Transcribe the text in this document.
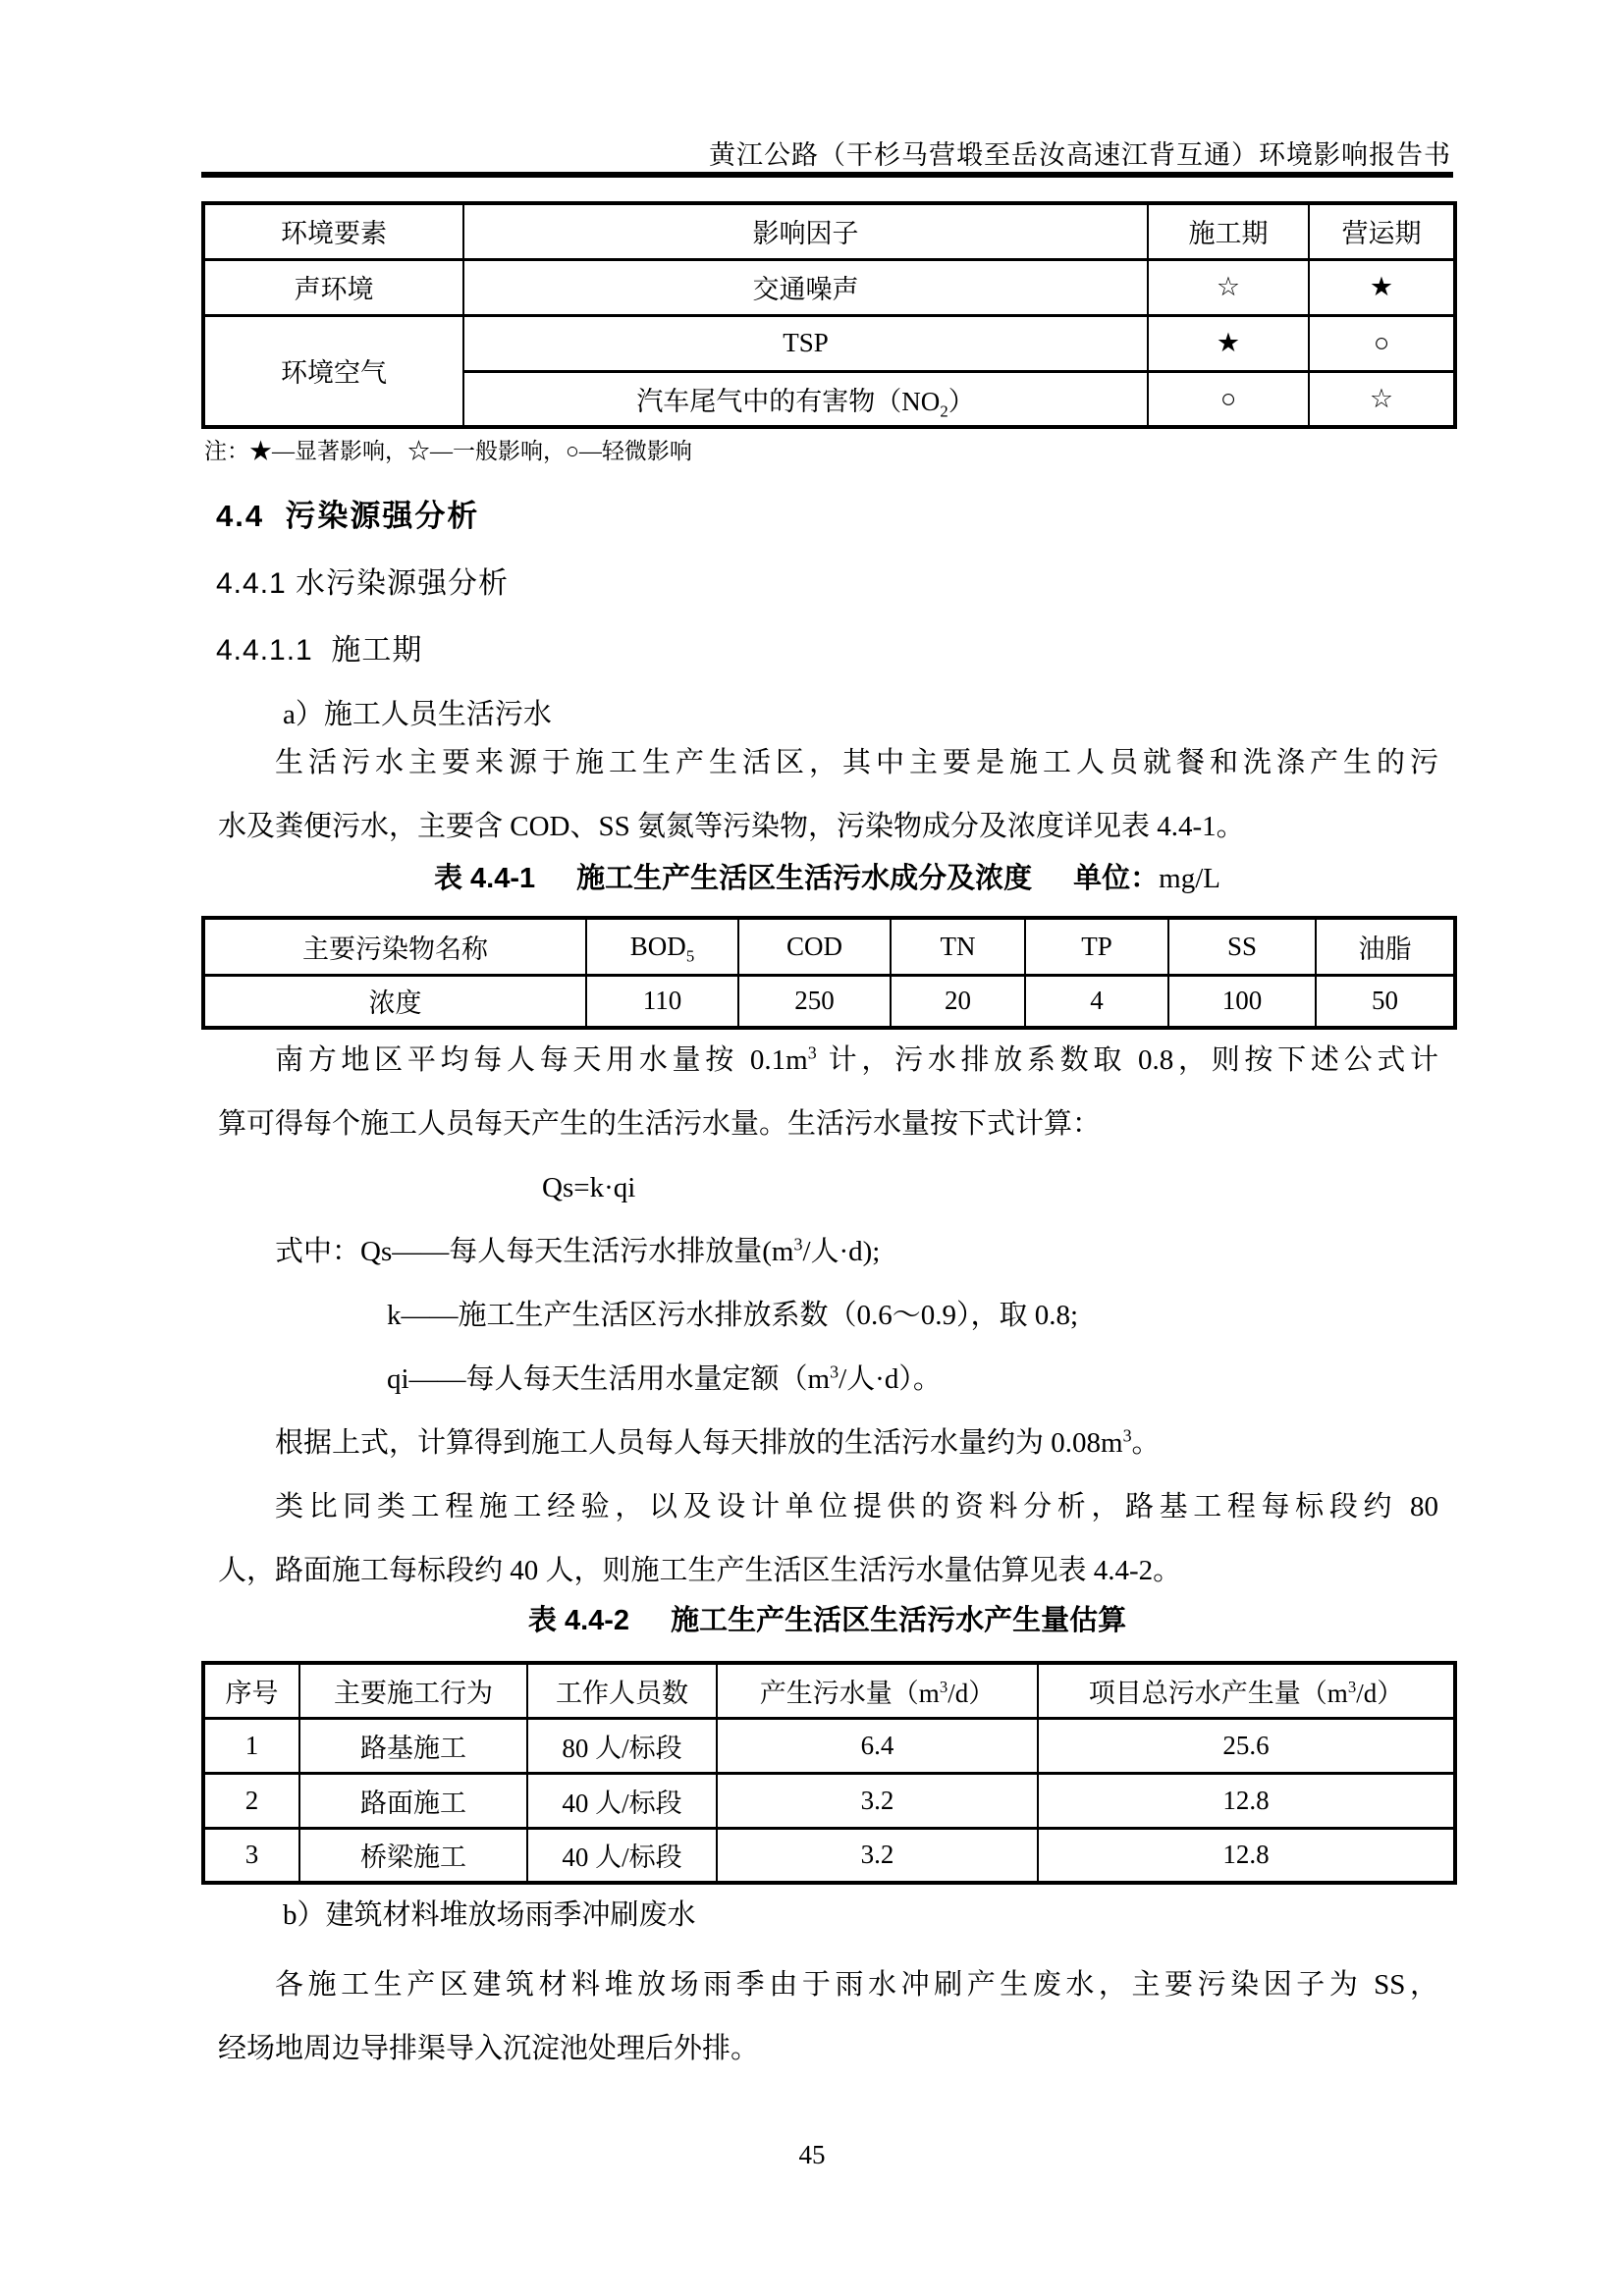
黄江公路（干杉马营塅至岳汝高速江背互通）环境影响报告书
环境要素	影响因子	施工期	营运期
声环境	交通噪声	☆	★
环境空气	TSP	★	○
	汽车尾气中的有害物$(NO_2)$	○	☆
注：★—显著影响，☆—一般影响，○—轻微影响
4.4  污染源强分析
4.4.1 水污染源强分析
4.4.1.1  施工期
a）施工人员生活污水
生活污水主要来源于施工生产生活区，其中主要是施工人员就餐和洗涤产生的污
水及粪便污水，主要含 COD、SS 氨氮等污染物，污染物成分及浓度详见表 4.4-1。
表 4.4-1 施工生产生活区生活污水成分及浓度 单位：mg/L
主要污染物名称	$BOD_5$	COD	TN	TP	SS	油脂
浓度	110	250	20	4	100	50
南方地区平均每人每天用水量按 $0.1m^3$ 计，污水排放系数取 0.8，则按下述公式计
算可得每个施工人员每天产生的生活污水量。生活污水量按下式计算：
Qs=k·qi
式中：Qs——每人每天生活污水排放量($m^3/$人·d);
k——施工生产生活区污水排放系数（0.6～0.9），取 0.8;
qi——每人每天生活用水量定额（$m^3/$人·d）。
根据上式，计算得到施工人员每人每天排放的生活污水量约为 $0.08m^3$。
类比同类工程施工经验，以及设计单位提供的资料分析，路基工程每标段约 80
人，路面施工每标段约 40 人，则施工生产生活区生活污水量估算见表 4.4-2。
表 4.4-2 施工生产生活区生活污水产生量估算
序号	主要施工行为	工作人员数	产生污水量$(m^3/d)$	项目总污水产生量$(m^3/d)$
1	路基施工	80 人/标段	6.4	25.6
2	路面施工	40 人/标段	3.2	12.8
3	桥梁施工	40 人/标段	3.2	12.8
b）建筑材料堆放场雨季冲刷废水
各施工生产区建筑材料堆放场雨季由于雨水冲刷产生废水，主要污染因子为 SS，
经场地周边导排渠导入沉淀池处理后外排。
45
